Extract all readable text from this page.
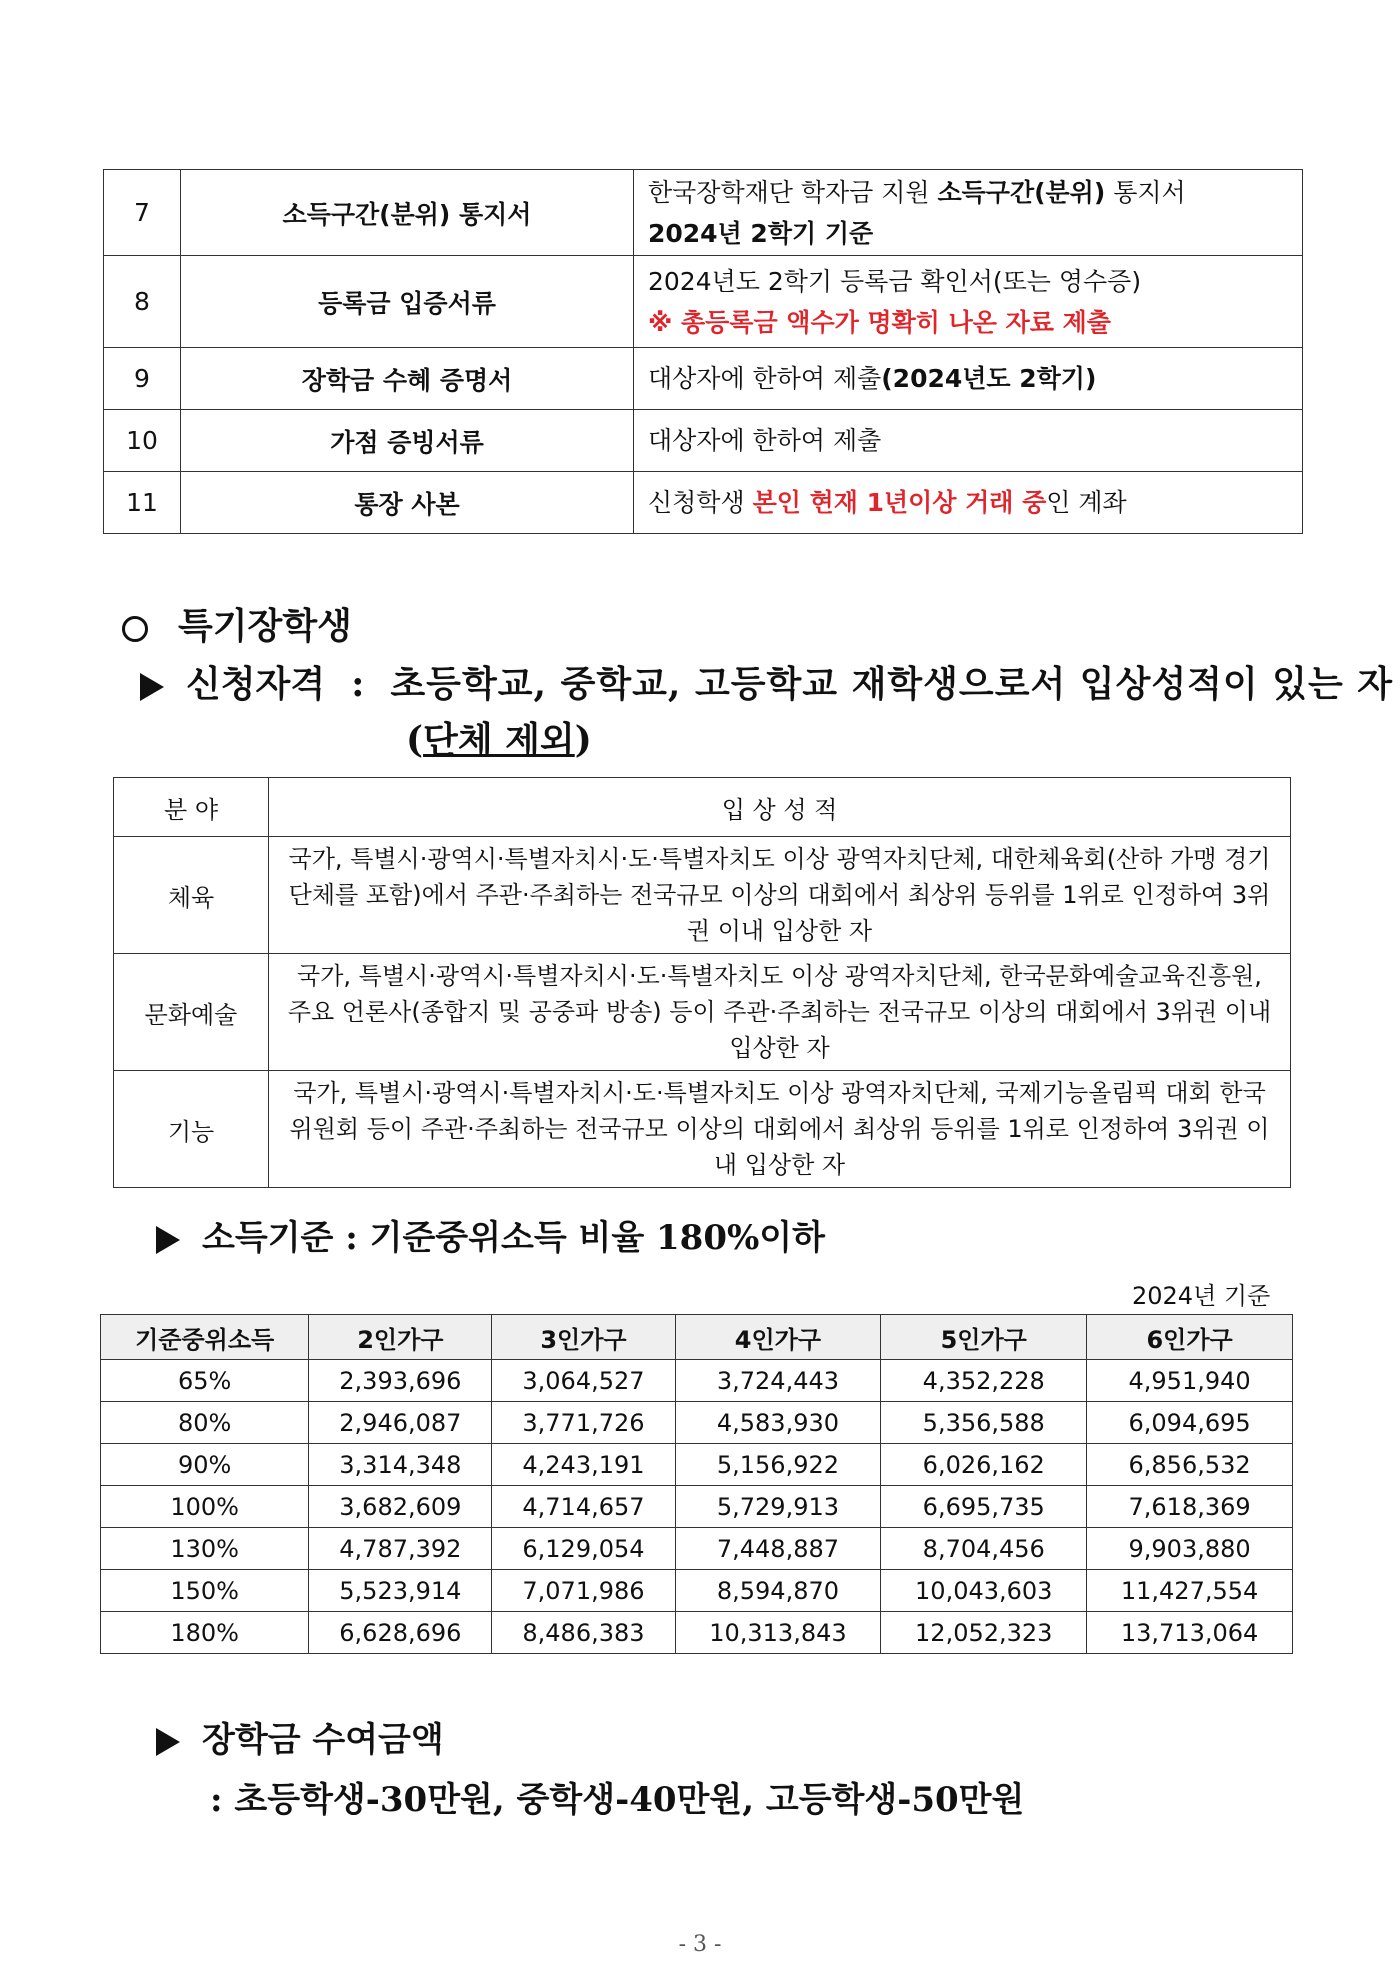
7	소득구간(분위) 통지서	한국장학재단 학자금 지원 소득구간(분위) 통지서
2024년 2학기 기준

8	등록금 입증서류	2024년도 2학기 등록금 확인서(또는 영수증)
※ 총등록금 액수가 명확히 나온 자료 제출

9	장학금 수혜 증명서	대상자에 한하여 제출(2024년도 2학기)
10	가점 증빙서류	대상자에 한하여 제출
11	통장 사본	신청학생 본인 현재 1년이상 거래 중인 계좌
특기장학생
신청자격 : 초등학교, 중학교, 고등학교 재학생으로서 입상성적이 있는 자
(단체 제외)
분 야	입 상 성 적
체육	국가, 특별시·광역시·특별자치시·도·특별자치도 이상 광역자치단체, 대한체육회(산하 가맹 경기단체를 포함)에서 주관·주최하는 전국규모 이상의 대회에서 최상위 등위를 1위로 인정하여 3위권 이내 입상한 자
문화예술	국가, 특별시·광역시·특별자치시·도·특별자치도 이상 광역자치단체, 한국문화예술교육진흥원, 주요 언론사(종합지 및 공중파 방송) 등이 주관·주최하는 전국규모 이상의 대회에서 3위권 이내 입상한 자
기능	국가, 특별시·광역시·특별자치시·도·특별자치도 이상 광역자치단체, 국제기능올림픽 대회 한국위원회 등이 주관·주최하는 전국규모 이상의 대회에서 최상위 등위를 1위로 인정하여 3위권 이내 입상한 자
소득기준 : 기준중위소득 비율 180%이하
2024년 기준
기준중위소득	2인가구	3인가구	4인가구	5인가구	6인가구
65%	2,393,696	3,064,527	3,724,443	4,352,228	4,951,940
80%	2,946,087	3,771,726	4,583,930	5,356,588	6,094,695
90%	3,314,348	4,243,191	5,156,922	6,026,162	6,856,532
100%	3,682,609	4,714,657	5,729,913	6,695,735	7,618,369
130%	4,787,392	6,129,054	7,448,887	8,704,456	9,903,880
150%	5,523,914	7,071,986	8,594,870	10,043,603	11,427,554
180%	6,628,696	8,486,383	10,313,843	12,052,323	13,713,064
장학금 수여금액
: 초등학생-30만원, 중학생-40만원, 고등학생-50만원
- 3 -
